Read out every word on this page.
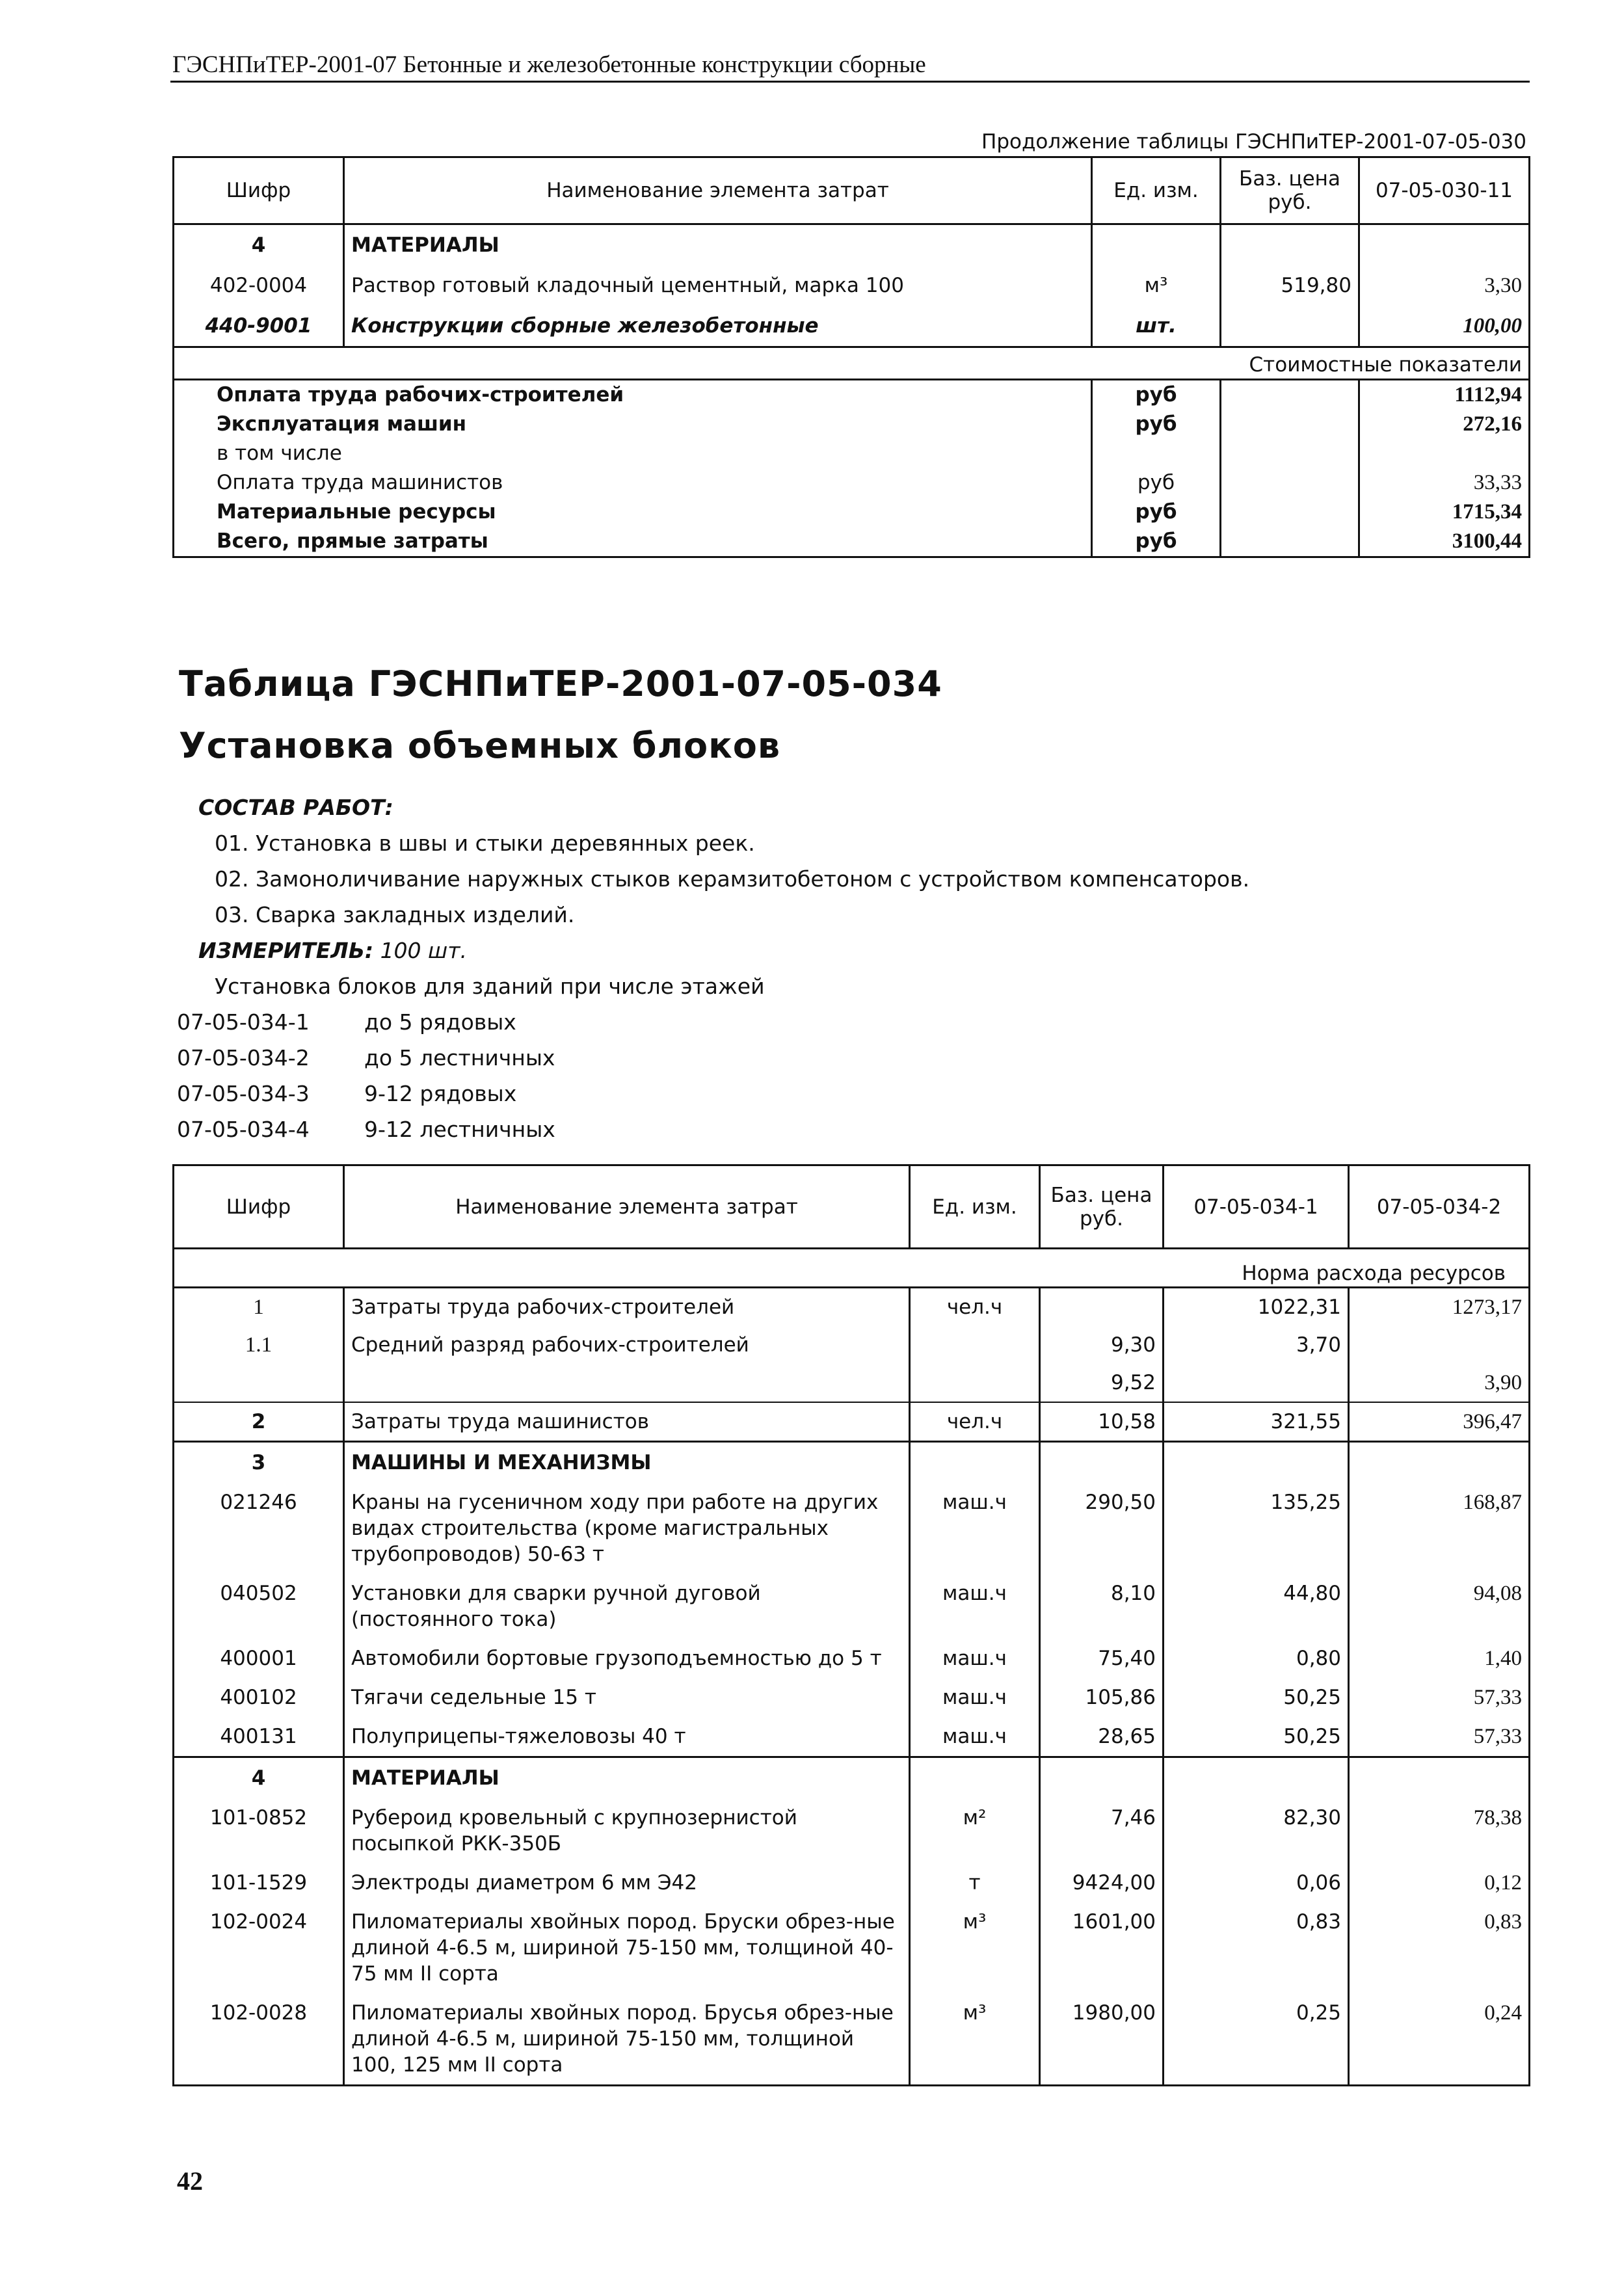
ГЭСНПиТЕР-2001-07 Бетонные и железобетонные конструкции сборные
Продолжение таблицы ГЭСНПиТЕР-2001-07-05-030
Шифр	Наименование элемента затрат	Ед. изм.	Баз. цена руб.	07-05-030-11
4	МАТЕРИАЛЫ			
402-0004	Раствор готовый кладочный цементный, марка 100	м³	519,80	3,30
440-9001	Конструкции сборные железобетонные	шт.		100,00

				Стоимостные показатели

Оплата труда рабочих-строителей		руб		1112,94
Эксплуатация машин		руб		272,16
в том числе				
Оплата труда машинистов		руб		33,33
Материальные ресурсы		руб		1715,34
Всего, прямые затраты		руб		3100,44
Таблица ГЭСНПиТЕР-2001-07-05-034
Установка объемных блоков
СОСТАВ РАБОТ:
01. Установка в швы и стыки деревянных реек.
02. Замоноличивание наружных стыков керамзитобетоном с устройством компенсаторов.
03. Сварка закладных изделий.
ИЗМЕРИТЕЛЬ: 100 шт.
Установка блоков для зданий при числе этажей
07-05-034-1	до 5 рядовых
07-05-034-2	до 5 лестничных
07-05-034-3	9-12 рядовых
07-05-034-4	9-12 лестничных
Шифр	Наименование элемента затрат	Ед. изм.	Баз. цена руб.	07-05-034-1	07-05-034-2
Норма расхода ресурсов					
1	Затраты труда рабочих-строителей	чел.ч		1022,31	1273,17
1.1	Средний разряд рабочих-строителей		9,30	3,70	
			9,52		3,90
2	Затраты труда машинистов	чел.ч	10,58	321,55	396,47
3	МАШИНЫ И МЕХАНИЗМЫ				
021246	Краны на гусеничном ходу при работе на других видах строительства (кроме магистральных трубопроводов) 50-63 т	маш.ч	290,50	135,25	168,87
040502	Установки для сварки ручной дуговой (постоянного тока)	маш.ч	8,10	44,80	94,08
400001	Автомобили бортовые грузоподъемностью до 5 т	маш.ч	75,40	0,80	1,40
400102	Тягачи седельные 15 т	маш.ч	105,86	50,25	57,33
400131	Полуприцепы-тяжеловозы 40 т	маш.ч	28,65	50,25	57,33
4	МАТЕРИАЛЫ				
101-0852	Рубероид кровельный с крупнозернистой посыпкой РКК-350Б	м²	7,46	82,30	78,38
101-1529	Электроды диаметром 6 мм Э42	т	9424,00	0,06	0,12
102-0024	Пиломатериалы хвойных пород. Бруски обрез-ные длиной 4-6.5 м, шириной 75-150 мм, толщиной 40-75 мм II сорта	м³	1601,00	0,83	0,83
102-0028	Пиломатериалы хвойных пород. Брусья обрез-ные длиной 4-6.5 м, шириной 75-150 мм, толщиной 100, 125 мм II сорта	м³	1980,00	0,25	0,24
42
